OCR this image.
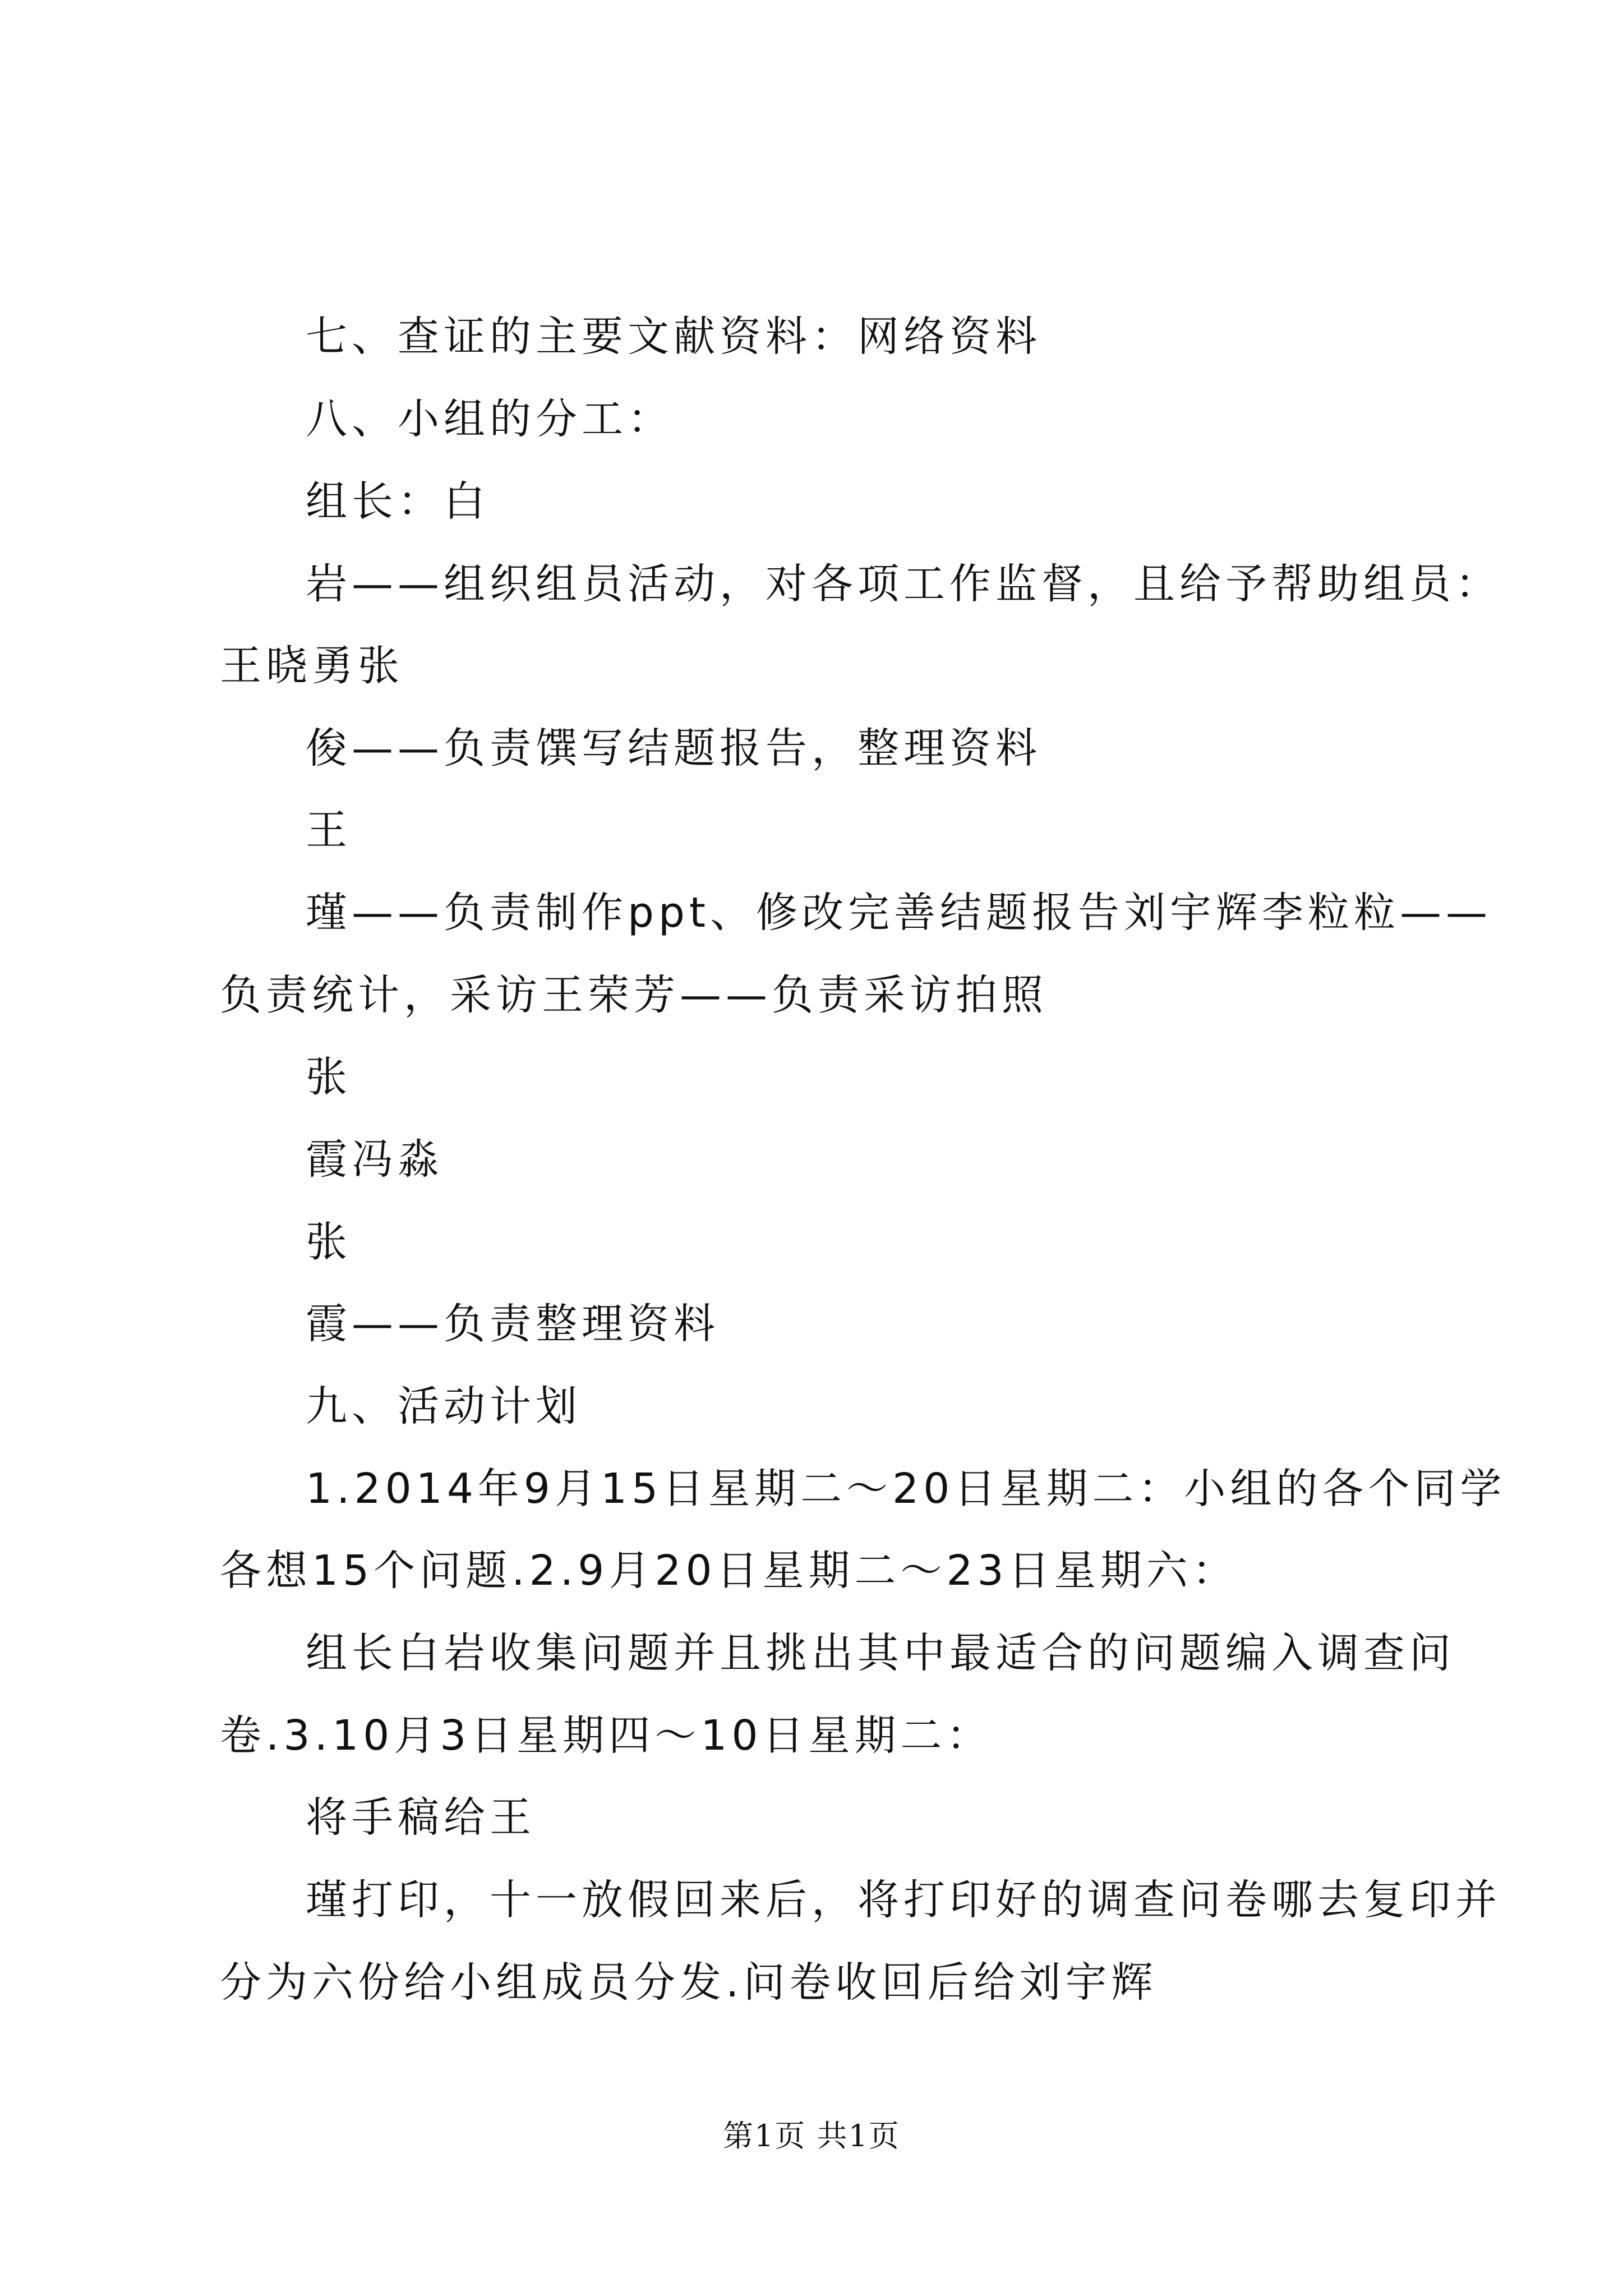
七、查证的主要文献资料：网络资料
八、小组的分工：
组长：白
岩——组织组员活动，对各项工作监督，且给予帮助组员：
王晓勇张
俊——负责馔写结题报告，整理资料
王
瑾——负责制作ppt、修改完善结题报告刘宇辉李粒粒——
负责统计，采访王荣芳——负责采访拍照
张
霞冯淼
张
霞——负责整理资料
九、活动计划
1.2014年9月15日星期二～20日星期二：小组的各个同学
各想15个问题.2.9月20日星期二～23日星期六：
组长白岩收集问题并且挑出其中最适合的问题编入调查问
卷.3.10月3日星期四～10日星期二：
将手稿给王
瑾打印，十一放假回来后，将打印好的调查问卷哪去复印并
分为六份给小组成员分发.问卷收回后给刘宇辉
第1页 共1页
